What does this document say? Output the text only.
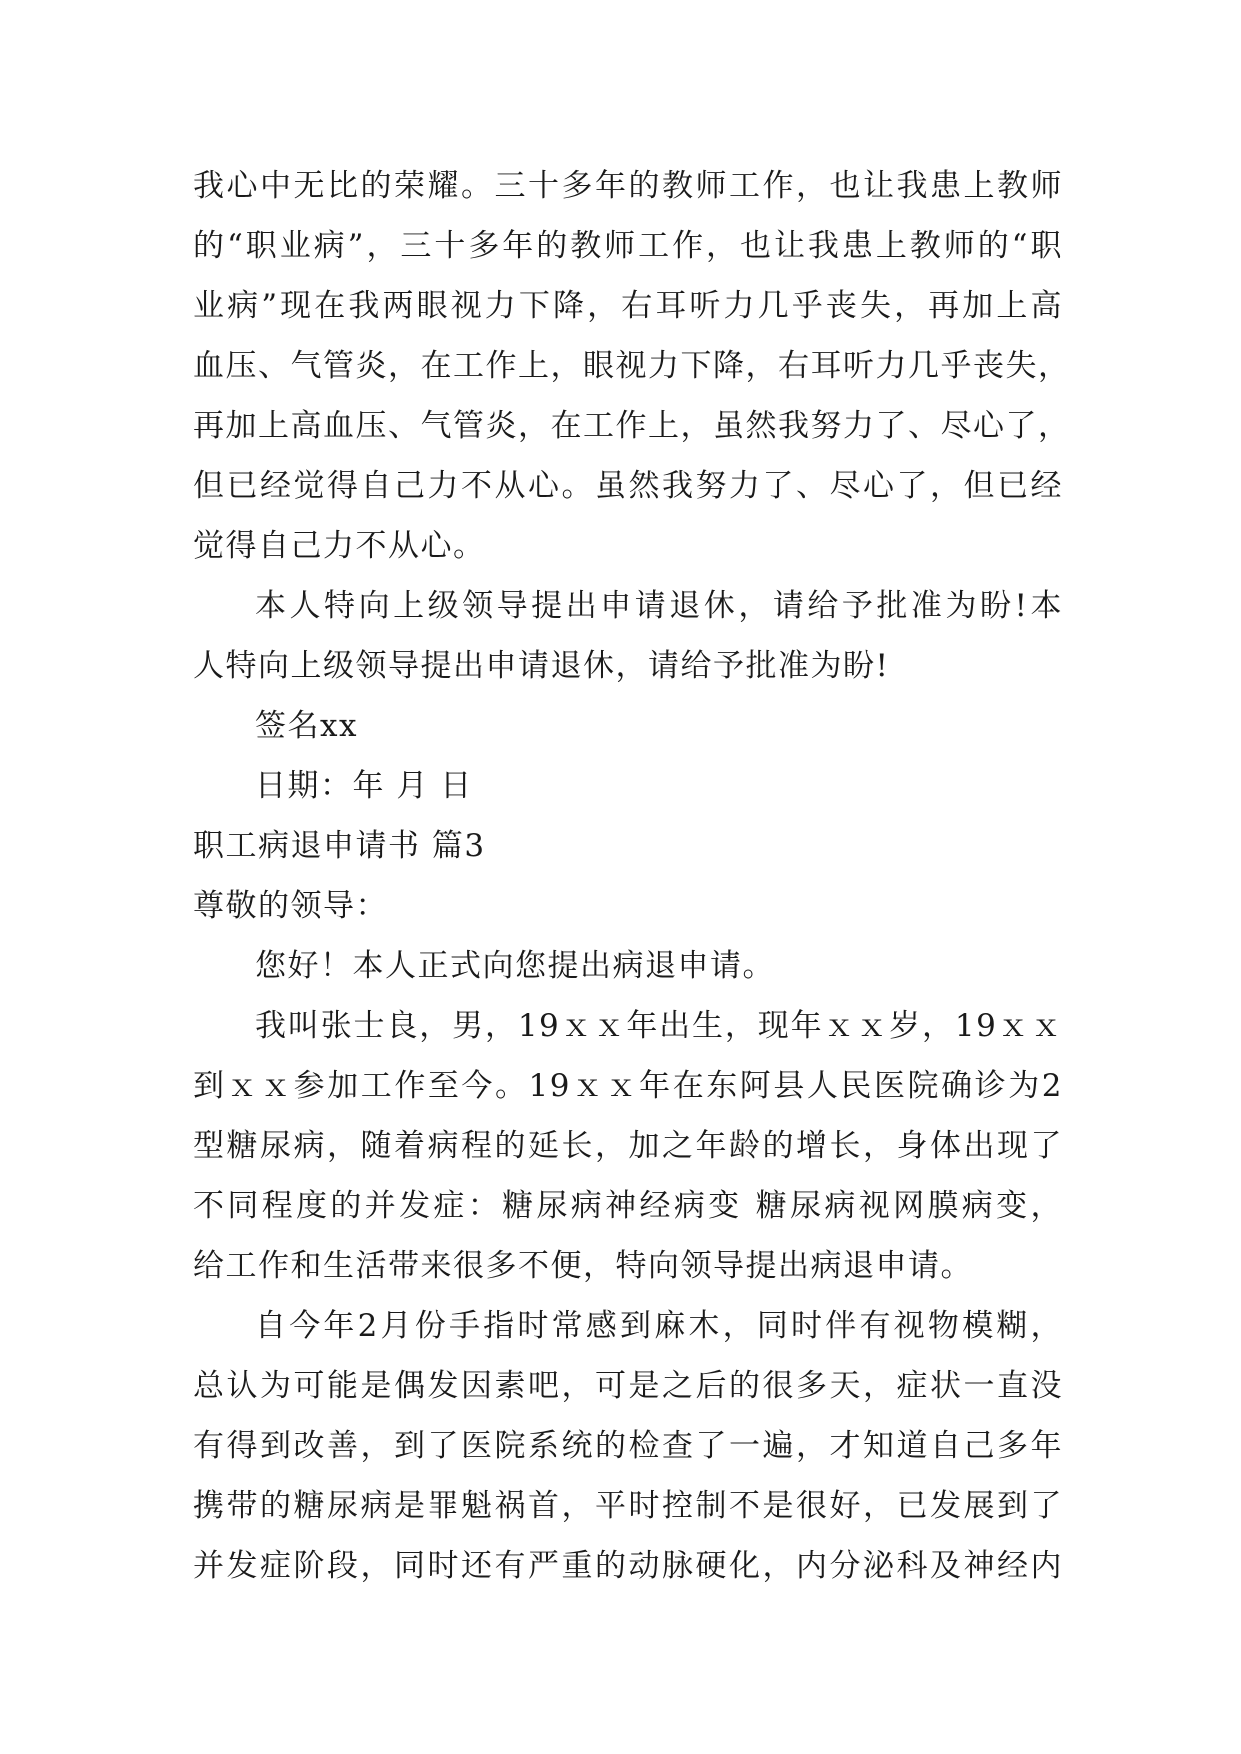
我心中无比的荣耀。三十多年的教师工作，也让我患上教师
的“职业病”，三十多年的教师工作，也让我患上教师的“职
业病”现在我两眼视力下降，右耳听力几乎丧失，再加上高
血压、气管炎，在工作上，眼视力下降，右耳听力几乎丧失，
再加上高血压、气管炎，在工作上，虽然我努力了、尽心了，
但已经觉得自己力不从心。虽然我努力了、尽心了，但已经
觉得自己力不从心。
本人特向上级领导提出申请退休，请给予批准为盼!本
人特向上级领导提出申请退休，请给予批准为盼!
签名xx
日期：年 月 日
职工病退申请书 篇3
尊敬的领导：
您好！本人正式向您提出病退申请。
我叫张士良，男，19ｘｘ年出生，现年ｘｘ岁，19ｘｘ
到ｘｘ参加工作至今。19ｘｘ年在东阿县人民医院确诊为2
型糖尿病，随着病程的延长，加之年龄的增长，身体出现了
不同程度的并发症：糖尿病神经病变 糖尿病视网膜病变，
给工作和生活带来很多不便，特向领导提出病退申请。
自今年2月份手指时常感到麻木，同时伴有视物模糊，
总认为可能是偶发因素吧，可是之后的很多天，症状一直没
有得到改善，到了医院系统的检查了一遍，才知道自己多年
携带的糖尿病是罪魁祸首，平时控制不是很好，已发展到了
并发症阶段，同时还有严重的动脉硬化，内分泌科及神经内
